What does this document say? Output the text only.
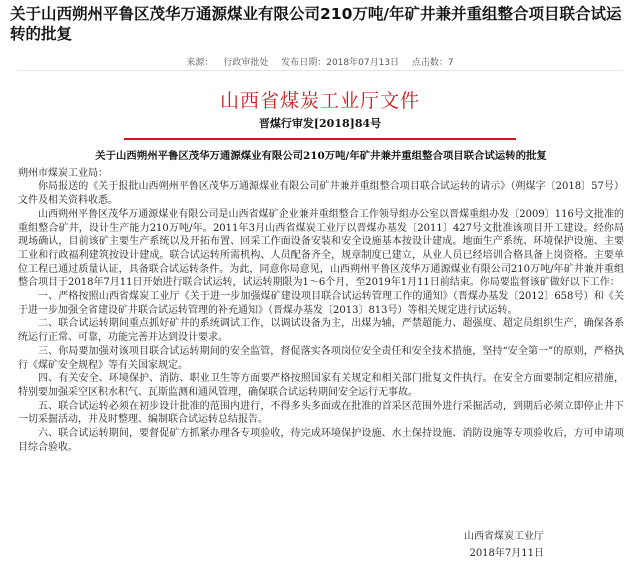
关于山西朔州平鲁区茂华万通源煤业有限公司210万吨/年矿井兼并重组整合项目联合试运转的批复
来源： 行政审批处 发布日期：2018年07月13日 点击数：7
山西省煤炭工业厅文件
晋煤行审发[2018]84号
关于山西朔州平鲁区茂华万通源煤业有限公司210万吨/年矿井兼并重组整合项目联合试运转的批复

朔州市煤炭工业局：

你局报送的《关于报批山西朔州平鲁区茂华万通源煤业有限公司矿井兼并重组整合项目联合试运转的请示》（朔煤字〔2018〕57号）文件及相关资料收悉。

山西朔州平鲁区茂华万通源煤业有限公司是山西省煤矿企业兼并重组整合工作领导组办公室以晋煤重组办发〔2009〕116号文批准的重组整合矿井，设计生产能力210万吨/年。2011年3月山西省煤炭工业厅以晋煤办基发〔2011〕427号文批准该项目开工建设。经你局现场确认，目前该矿主要生产系统以及开拓布置、回采工作面设备安装和安全设施基本按设计建成。地面生产系统、环境保护设施、主要工业和行政福利建筑按设计建成。联合试运转所需机构、人员配备齐全，规章制度已建立，从业人员已经培训合格具备上岗资格。主要单位工程已通过质量认证，具备联合试运转条件。为此，同意你局意见，山西朔州平鲁区茂华万通源煤业有限公司210万吨/年矿井兼并重组整合项目于2018年7月11日开始进行联合试运转，试运转期限为1～6个月，至2019年1月11日前结束。你局要监督该矿做好以下工作：

一、严格按照山西省煤炭工业厅《关于进一步加强煤矿建设项目联合试运转管理工作的通知》（晋煤办基发〔2012〕658号）和《关于进一步加强全省建设矿井联合试运转管理的补充通知》（晋煤办基发〔2013〕813号）等相关规定进行试运转。

二、联合试运转期间重点抓好矿井的系统调试工作，以调试设备为主，出煤为辅，严禁超能力、超强度、超定员组织生产，确保各系统运行正常、可靠，功能完善并达到设计要求。

三、你局要加强对该项目联合试运转期间的安全监管，督促落实各项岗位安全责任和安全技术措施，坚持“安全第一”的原则，严格执行《煤矿安全规程》等有关国家规定。

四、有关安全、环境保护、消防、职业卫生等方面要严格按照国家有关规定和相关部门批复文件执行。在安全方面要制定相应措施，特别要加强采空区积水积气、瓦斯监测和通风管理，确保联合试运转期间安全运行无事故。

五、联合试运转必须在初步设计批准的范围内进行，不得多头多面或在批准的首采区范围外进行采掘活动，到期后必须立即停止井下一切采掘活动，并及时整理、编制联合试运转总结报告。

六、联合试运转期间，要督促矿方抓紧办理各专项验收，待完成环境保护设施、水土保持设施、消防设施等专项验收后，方可申请项目综合验收。

山西省煤炭工业厅
2018年7月11日
